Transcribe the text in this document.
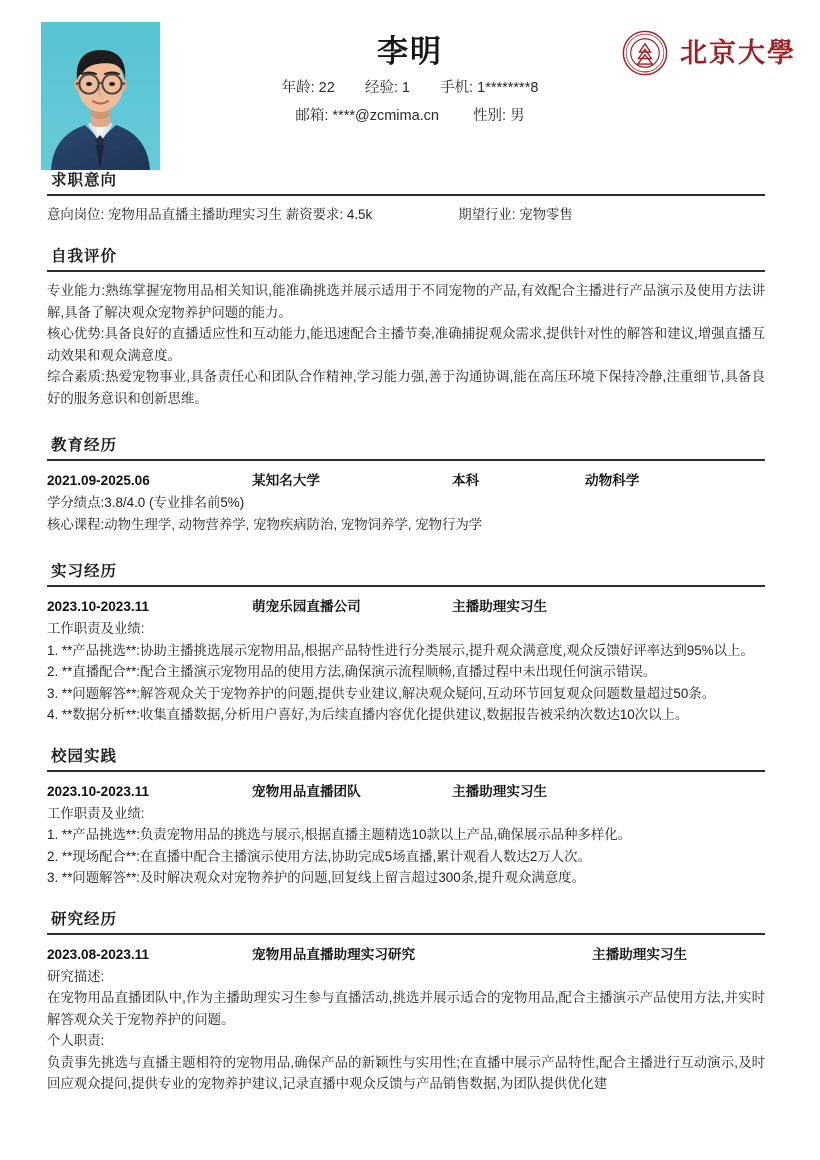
李明
年龄: 22 经验: 1 手机: 1********8
邮箱: ****@zcmima.cn 性别: 男
· · · · ·
1898
北京大學
求职意向
意向岗位: 宠物用品直播主播助理实习生 薪资要求: 4.5k	期望行业: 宠物零售
自我评价

专业能力:熟练掌握宠物用品相关知识,能准确挑选并展示适用于不同宠物的产品,有效配合主播进行产品演示及使用方法讲解,具备了解决观众宠物养护问题的能力。

核心优势:具备良好的直播适应性和互动能力,能迅速配合主播节奏,准确捕捉观众需求,提供针对性的解答和建议,增强直播互动效果和观众满意度。

综合素质:热爱宠物事业,具备责任心和团队合作精神,学习能力强,善于沟通协调,能在高压环境下保持冷静,注重细节,具备良好的服务意识和创新思维。

教育经历
2021.09-2025.06	某知名大学	本科	动物科学

学分绩点:3.8/4.0 (专业排名前5%)

核心课程:动物生理学, 动物营养学, 宠物疾病防治, 宠物饲养学, 宠物行为学

实习经历
2023.10-2023.11	萌宠乐园直播公司	主播助理实习生

工作职责及业绩:

1. **产品挑选**:协助主播挑选展示宠物用品,根据产品特性进行分类展示,提升观众满意度,观众反馈好评率达到95%以上。

2. **直播配合**:配合主播演示宠物用品的使用方法,确保演示流程顺畅,直播过程中未出现任何演示错误。

3. **问题解答**:解答观众关于宠物养护的问题,提供专业建议,解决观众疑问,互动环节回复观众问题数量超过50条。

4. **数据分析**:收集直播数据,分析用户喜好,为后续直播内容优化提供建议,数据报告被采纳次数达10次以上。

校园实践
2023.10-2023.11	宠物用品直播团队	主播助理实习生

工作职责及业绩:

1. **产品挑选**:负责宠物用品的挑选与展示,根据直播主题精选10款以上产品,确保展示品种多样化。

2. **现场配合**:在直播中配合主播演示使用方法,协助完成5场直播,累计观看人数达2万人次。

3. **问题解答**:及时解决观众对宠物养护的问题,回复线上留言超过300条,提升观众满意度。

研究经历
2023.08-2023.11	宠物用品直播助理实习研究	主播助理实习生

研究描述:

在宠物用品直播团队中,作为主播助理实习生参与直播活动,挑选并展示适合的宠物用品,配合主播演示产品使用方法,并实时解答观众关于宠物养护的问题。

个人职责:

负责事先挑选与直播主题相符的宠物用品,确保产品的新颖性与实用性;在直播中展示产品特性,配合主播进行互动演示,及时回应观众提问,提供专业的宠物养护建议,记录直播中观众反馈与产品销售数据,为团队提供优化建
